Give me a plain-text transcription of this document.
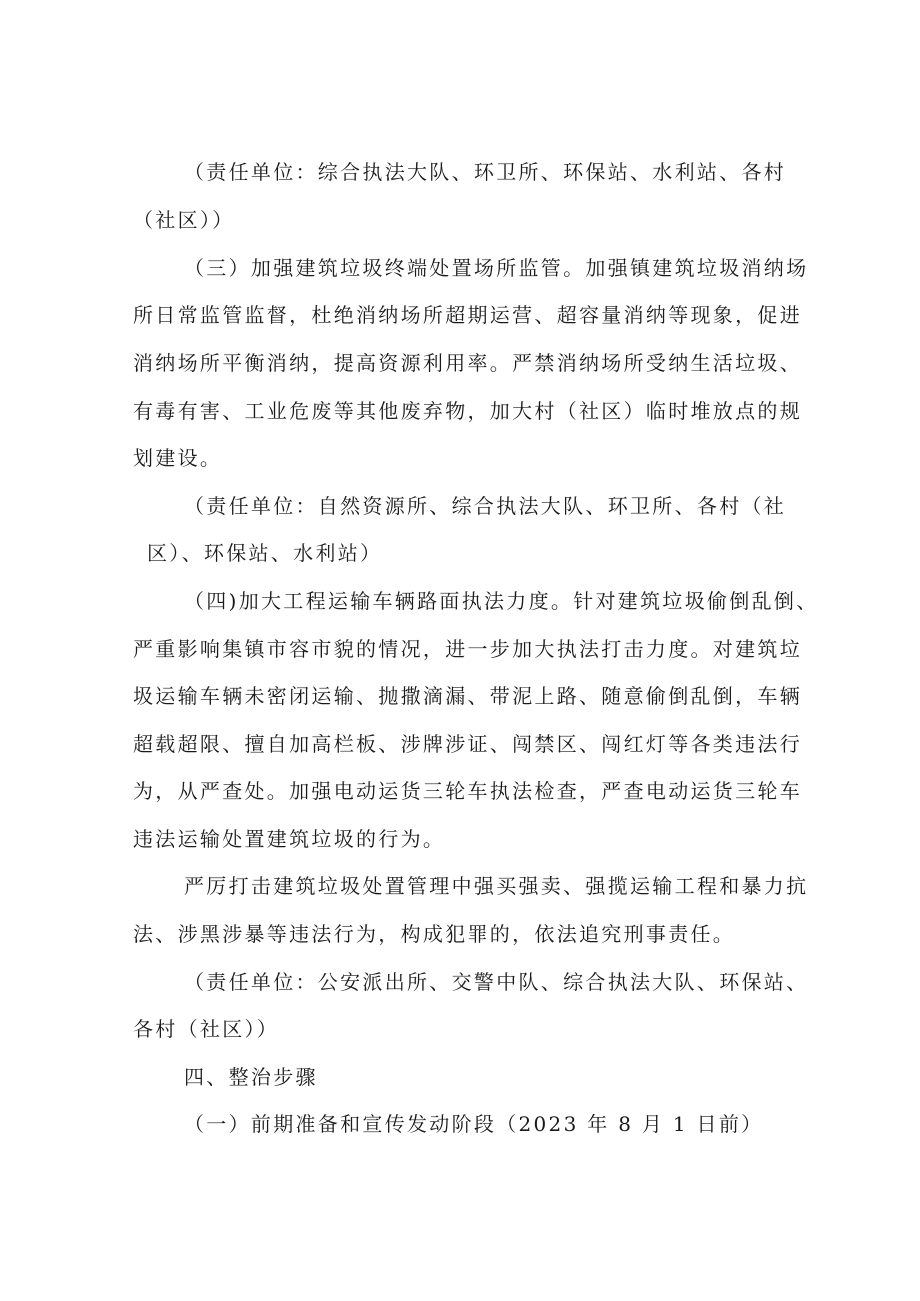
（责任单位：综合执法大队、环卫所、环保站、水利站、各村
（社区））
（三）加强建筑垃圾终端处置场所监管。加强镇建筑垃圾消纳场
所日常监管监督，杜绝消纳场所超期运营、超容量消纳等现象，促进
消纳场所平衡消纳，提高资源利用率。严禁消纳场所受纳生活垃圾、
有毒有害、工业危废等其他废弃物，加大村（社区）临时堆放点的规
划建设。
（责任单位：自然资源所、综合执法大队、环卫所、各村（社
区）、环保站、水利站）
（四)加大工程运输车辆路面执法力度。针对建筑垃圾偷倒乱倒、
严重影响集镇市容市貌的情况，进一步加大执法打击力度。对建筑垃
圾运输车辆未密闭运输、抛撒滴漏、带泥上路、随意偷倒乱倒，车辆
超载超限、擅自加高栏板、涉牌涉证、闯禁区、闯红灯等各类违法行
为，从严查处。加强电动运货三轮车执法检查，严查电动运货三轮车
违法运输处置建筑垃圾的行为。
严厉打击建筑垃圾处置管理中强买强卖、强揽运输工程和暴力抗
法、涉黑涉暴等违法行为，构成犯罪的，依法追究刑事责任。
（责任单位：公安派出所、交警中队、综合执法大队、环保站、
各村（社区））
四、整治步骤
（一）前期准备和宣传发动阶段（2023 年 8 月 1 日前）
